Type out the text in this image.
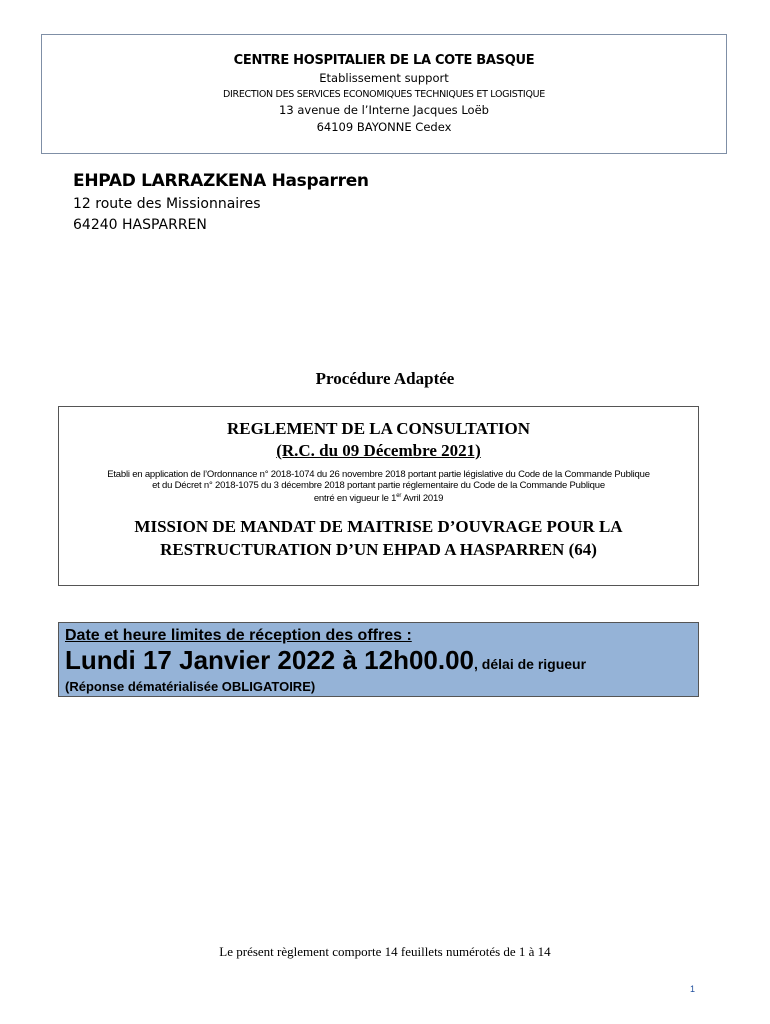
CENTRE HOSPITALIER DE LA COTE BASQUE
Etablissement support
DIRECTION DES SERVICES ECONOMIQUES TECHNIQUES ET LOGISTIQUE
13 avenue de l’Interne Jacques Loëb
64109 BAYONNE Cedex
EHPAD LARRAZKENA Hasparren
12 route des Missionnaires
64240 HASPARREN
Procédure Adaptée
REGLEMENT DE LA CONSULTATION
(R.C. du 09 Décembre 2021)
Etabli en application de l’Ordonnance n° 2018-1074 du 26 novembre 2018 portant partie législative du Code de la Commande Publique
et du Décret n° 2018-1075 du 3 décembre 2018 portant partie réglementaire du Code de la Commande Publique
entré en vigueur le 1er Avril 2019
MISSION DE MANDAT DE MAITRISE D’OUVRAGE POUR LA
RESTRUCTURATION D’UN EHPAD A HASPARREN (64)
Date et heure limites de réception des offres :
Lundi 17 Janvier 2022 à 12h00.00, délai de rigueur
(Réponse dématérialisée OBLIGATOIRE)
Le présent règlement comporte 14 feuillets numérotés de 1 à 14
1
